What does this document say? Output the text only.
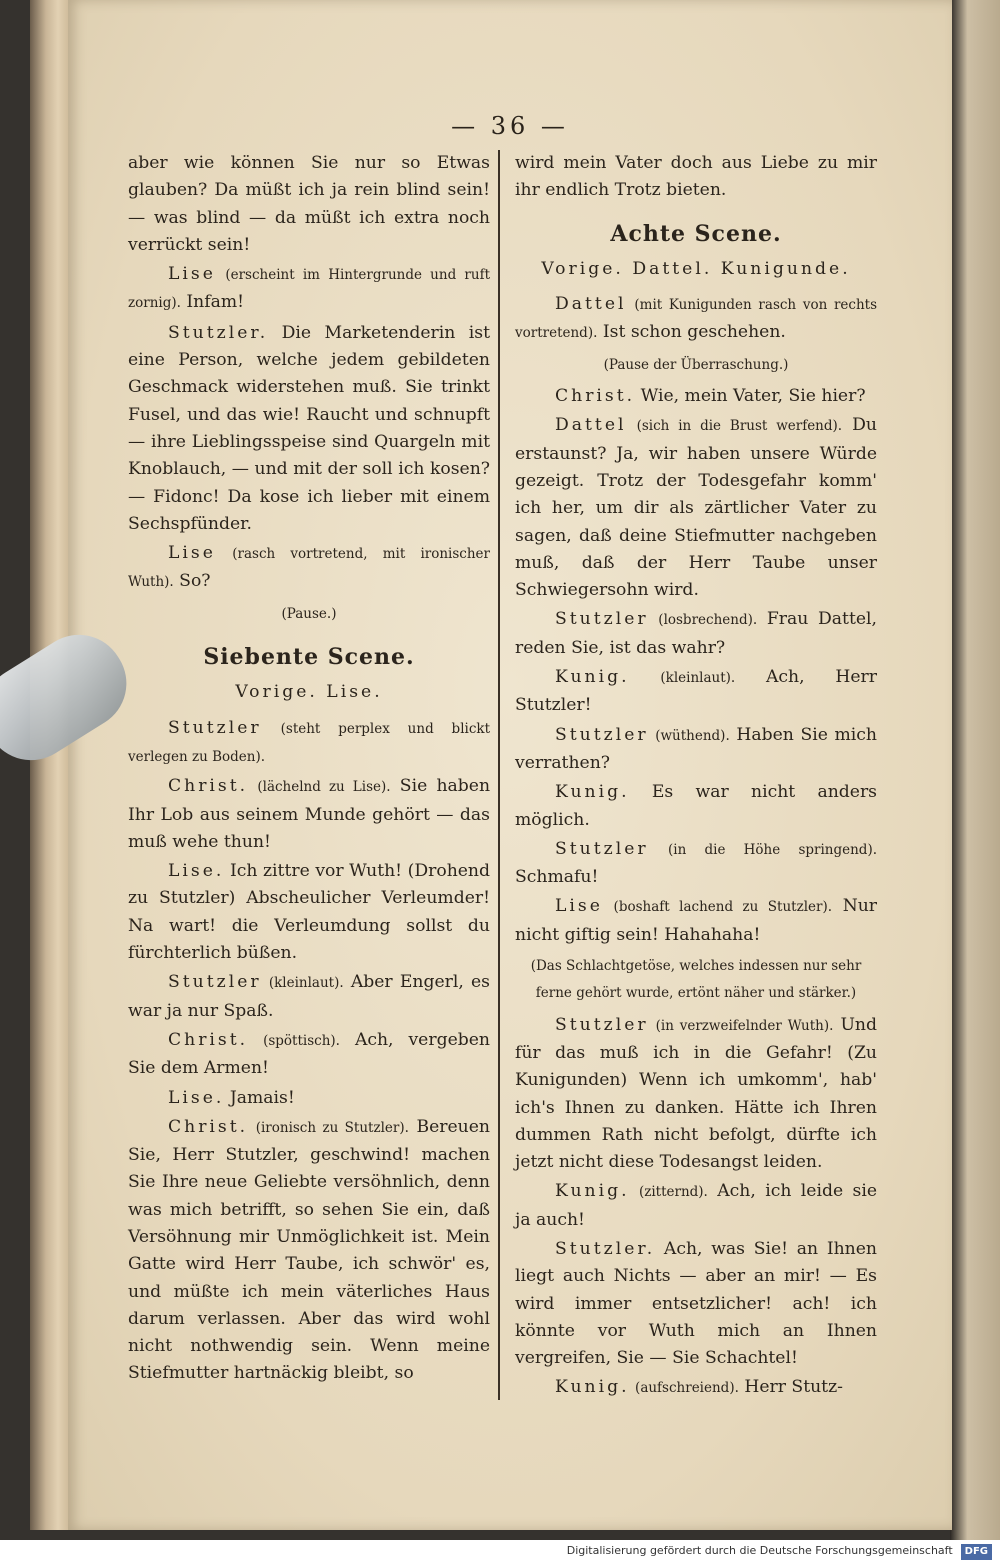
— 36 —

aber wie können Sie nur so Etwas glauben? Da müßt ich ja rein blind sein! — was blind — da müßt ich extra noch verrückt sein!

Lise (erscheint im Hintergrunde und ruft zornig). Infam!

Stutzler. Die Marketenderin ist eine Person, welche jedem gebildeten Geschmack widerstehen muß. Sie trinkt Fusel, und das wie! Raucht und schnupft — ihre Lieblingsspeise sind Quargeln mit Knoblauch, — und mit der soll ich kosen? — Fidonc! Da kose ich lieber mit einem Sechspfünder.

Lise (rasch vortretend, mit ironischer Wuth). So?

(Pause.)

Siebente Scene.
Vorige. Lise.

Stutzler (steht perplex und blickt verlegen zu Boden).

Christ. (lächelnd zu Lise). Sie haben Ihr Lob aus seinem Munde gehört — das muß wehe thun!

Lise. Ich zittre vor Wuth! (Drohend zu Stutzler) Abscheulicher Verleumder! Na wart! die Verleumdung sollst du fürchterlich büßen.

Stutzler (kleinlaut). Aber Engerl, es war ja nur Spaß.

Christ. (spöttisch). Ach, vergeben Sie dem Armen!

Lise. Jamais!

Christ. (ironisch zu Stutzler). Bereuen Sie, Herr Stutzler, geschwind! machen Sie Ihre neue Geliebte versöhnlich, denn was mich betrifft, so sehen Sie ein, daß Versöhnung mir Unmöglichkeit ist. Mein Gatte wird Herr Taube, ich schwör' es, und müßte ich mein väterliches Haus darum verlassen. Aber das wird wohl nicht nothwendig sein. Wenn meine Stiefmutter hartnäckig bleibt, so

wird mein Vater doch aus Liebe zu mir ihr endlich Trotz bieten.

Achte Scene.
Vorige. Dattel. Kunigunde.

Dattel (mit Kunigunden rasch von rechts vortretend). Ist schon geschehen.

(Pause der Überraschung.)

Christ. Wie, mein Vater, Sie hier?

Dattel (sich in die Brust werfend). Du erstaunst? Ja, wir haben unsere Würde gezeigt. Trotz der Todesgefahr komm' ich her, um dir als zärtlicher Vater zu sagen, daß deine Stiefmutter nachgeben muß, daß der Herr Taube unser Schwiegersohn wird.

Stutzler (losbrechend). Frau Dattel, reden Sie, ist das wahr?

Kunig. (kleinlaut). Ach, Herr Stutzler!

Stutzler (wüthend). Haben Sie mich verrathen?

Kunig. Es war nicht anders möglich.

Stutzler (in die Höhe springend). Schmafu!

Lise (boshaft lachend zu Stutzler). Nur nicht giftig sein! Hahahaha!

(Das Schlachtgetöse, welches indessen nur sehr ferne gehört wurde, ertönt näher und stärker.)

Stutzler (in verzweifelnder Wuth). Und für das muß ich in die Gefahr! (Zu Kunigunden) Wenn ich umkomm', hab' ich's Ihnen zu danken. Hätte ich Ihren dummen Rath nicht befolgt, dürfte ich jetzt nicht diese Todesangst leiden.

Kunig. (zitternd). Ach, ich leide sie ja auch!

Stutzler. Ach, was Sie! an Ihnen liegt auch Nichts — aber an mir! — Es wird immer entsetzlicher! ach! ich könnte vor Wuth mich an Ihnen vergreifen, Sie — Sie Schachtel!

Kunig. (aufschreiend). Herr Stutz-

Digitalisierung gefördert durch die Deutsche Forschungsgemeinschaft DFG
